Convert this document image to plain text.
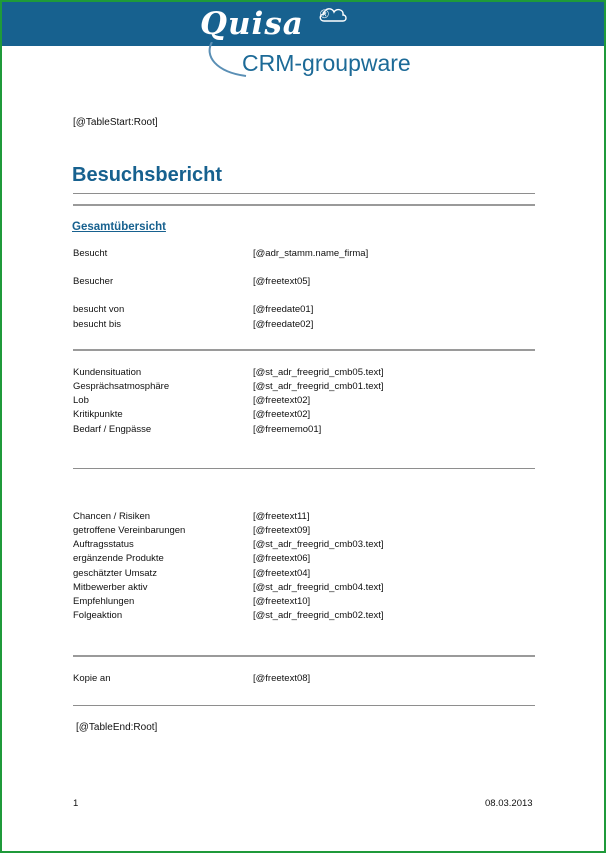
Quisa ®
CRM-groupware
[@TableStart:Root]
Besuchsbericht
Gesamtübersicht
Besucht	[@adr_stamm.name_firma]
Besucher	[@freetext05]
besucht von	[@freedate01]
besucht bis	[@freedate02]
Kundensituation	[@st_adr_freegrid_cmb05.text]
Gesprächsatmosphäre	[@st_adr_freegrid_cmb01.text]
Lob	[@freetext02]
Kritikpunkte	[@freetext02]
Bedarf / Engpässe	[@freememo01]
Chancen / Risiken	[@freetext11]
getroffene Vereinbarungen	[@freetext09]
Auftragsstatus	[@st_adr_freegrid_cmb03.text]
ergänzende Produkte	[@freetext06]
geschätzter Umsatz	[@freetext04]
Mitbewerber aktiv	[@st_adr_freegrid_cmb04.text]
Empfehlungen	[@freetext10]
Folgeaktion	[@st_adr_freegrid_cmb02.text]
Kopie an	[@freetext08]
[@TableEnd:Root]
1	08.03.2013
